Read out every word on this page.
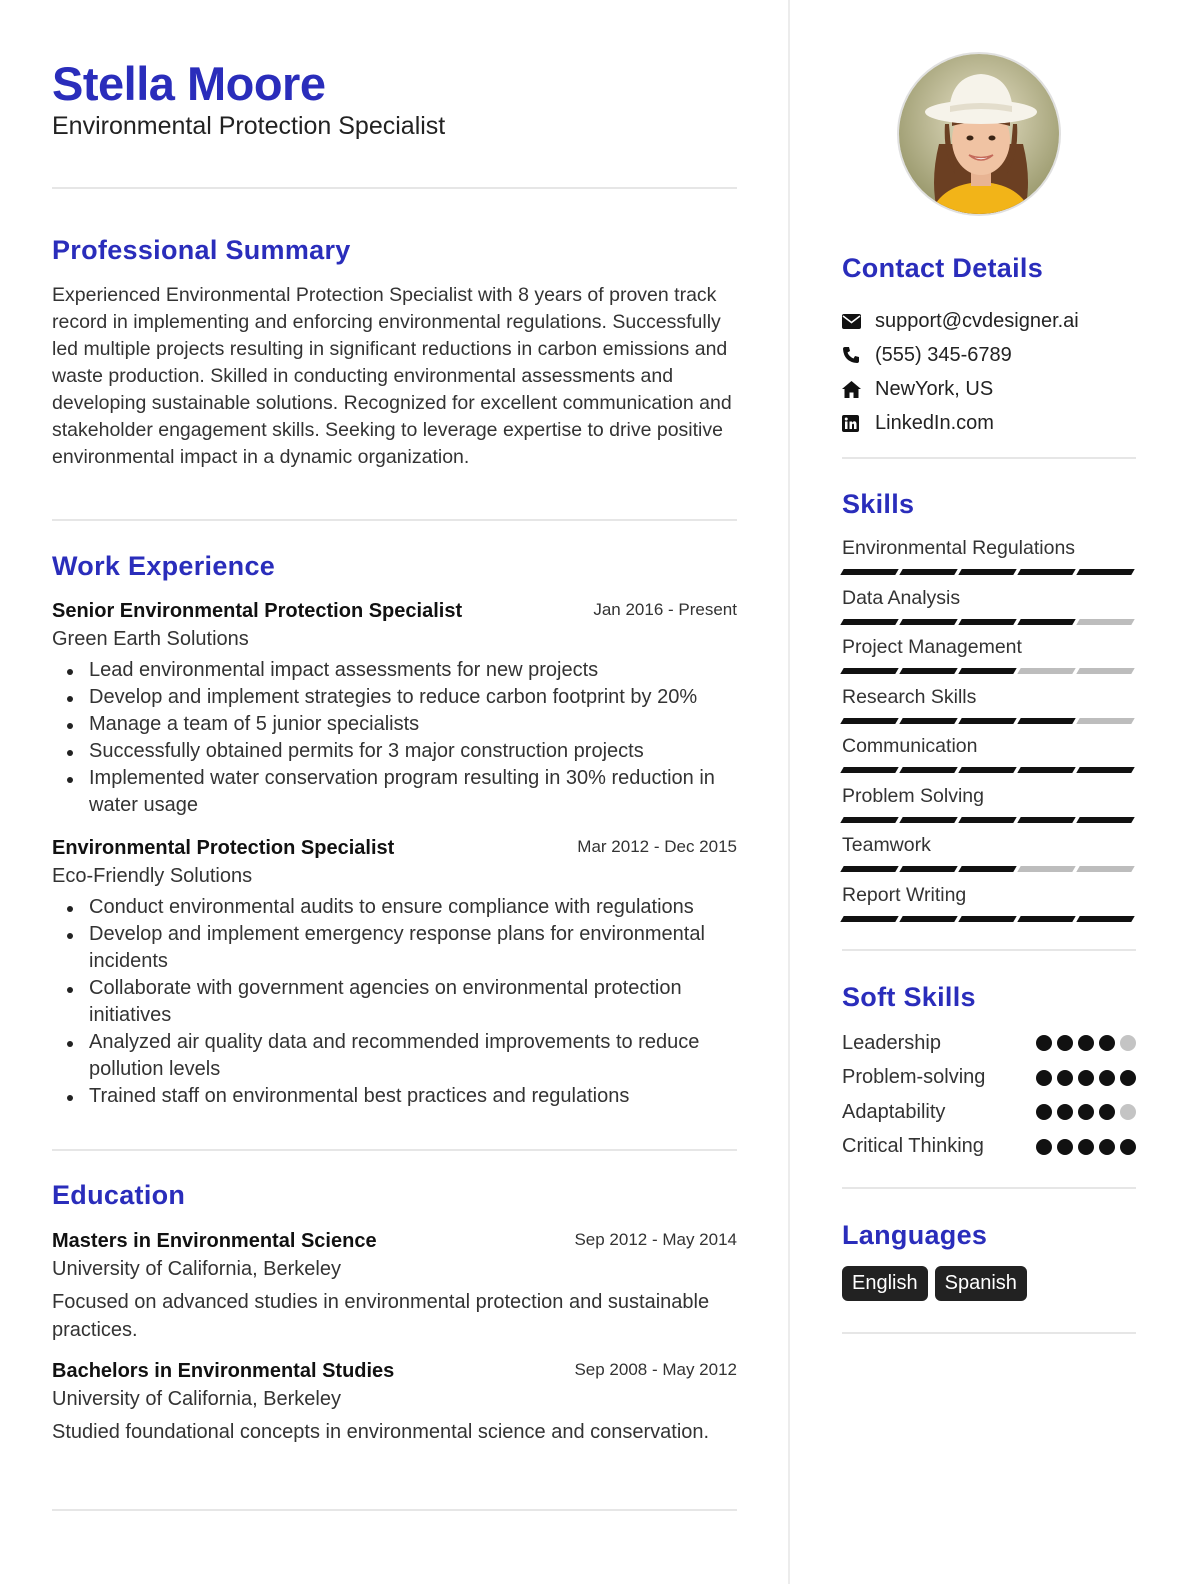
Stella Moore
Environmental Protection Specialist
Professional Summary

Experienced Environmental Protection Specialist with 8 years of proven track record in implementing and enforcing environmental regulations. Successfully led multiple projects resulting in significant reductions in carbon emissions and waste production. Skilled in conducting environmental assessments and developing sustainable solutions. Recognized for excellent communication and stakeholder engagement skills. Seeking to leverage expertise to drive positive environmental impact in a dynamic organization.

Work Experience
Senior Environmental Protection Specialist	Jan 2016 - Present
Green Earth Solutions
Lead environmental impact assessments for new projects
Develop and implement strategies to reduce carbon footprint by 20%
Manage a team of 5 junior specialists
Successfully obtained permits for 3 major construction projects
Implemented water conservation program resulting in 30% reduction in water usage
Environmental Protection Specialist	Mar 2012 - Dec 2015
Eco-Friendly Solutions
Conduct environmental audits to ensure compliance with regulations
Develop and implement emergency response plans for environmental incidents
Collaborate with government agencies on environmental protection initiatives
Analyzed air quality data and recommended improvements to reduce pollution levels
Trained staff on environmental best practices and regulations
Education
Masters in Environmental Science	Sep 2012 - May 2014
University of California, Berkeley

Focused on advanced studies in environmental protection and sustainable practices.

Bachelors in Environmental Studies	Sep 2008 - May 2012
University of California, Berkeley

Studied foundational concepts in environmental science and conservation.

Contact Details
support@cvdesigner.ai
(555) 345-6789
NewYork, US
LinkedIn.com
Skills
Environmental Regulations
Data Analysis
Project Management
Research Skills
Communication
Problem Solving
Teamwork
Report Writing
Soft Skills
Leadership
Problem-solving
Adaptability
Critical Thinking
Languages
English	Spanish
